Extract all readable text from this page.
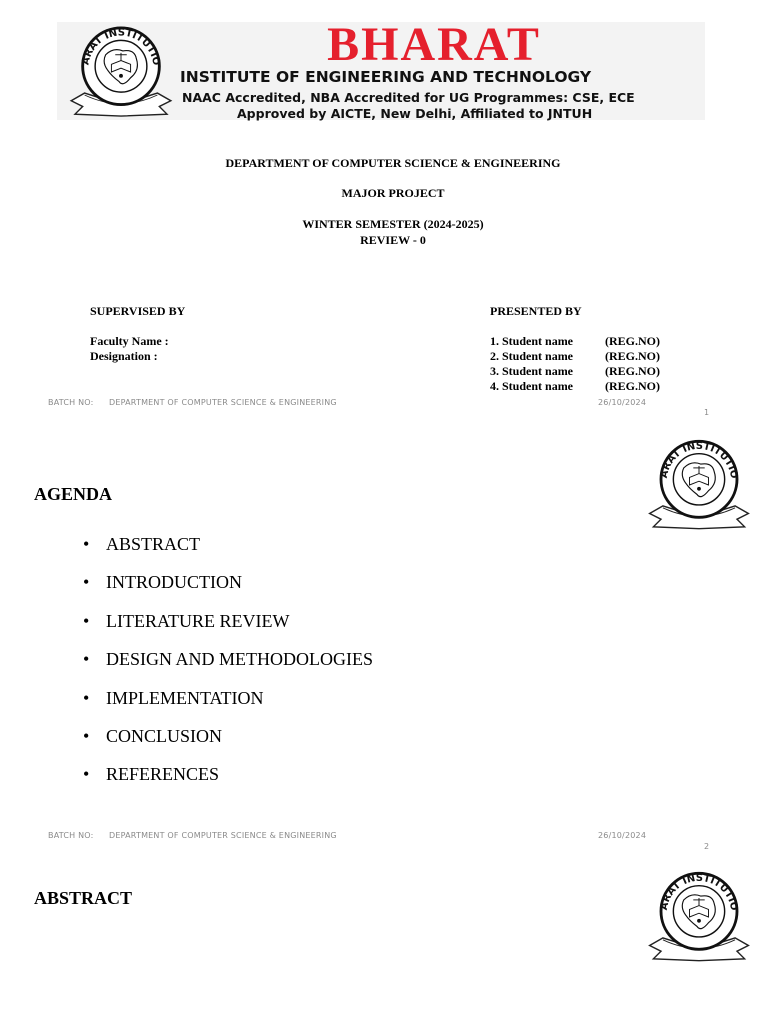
BHARAT
INSTITUTE OF ENGINEERING AND TECHNOLOGY
NAAC Accredited, NBA Accredited for UG Programmes: CSE, ECE
Approved by AICTE, New Delhi, Affiliated to JNTUH
DEPARTMENT OF COMPUTER SCIENCE & ENGINEERING
MAJOR PROJECT
WINTER SEMESTER (2024-2025)
REVIEW - 0
SUPERVISED BY
Faculty Name :
Designation :
PRESENTED BY
1. Student name	(REG.NO)
2. Student name	(REG.NO)
3. Student name	(REG.NO)
4. Student name	(REG.NO)
BATCH NO: DEPARTMENT OF COMPUTER SCIENCE & ENGINEERING	26/10/2024
1
AGENDA
• ABSTRACT
• INTRODUCTION
• LITERATURE REVIEW
• DESIGN AND METHODOLOGIES
• IMPLEMENTATION
• CONCLUSION
• REFERENCES
BATCH NO: DEPARTMENT OF COMPUTER SCIENCE & ENGINEERING	26/10/2024
2
ABSTRACT
